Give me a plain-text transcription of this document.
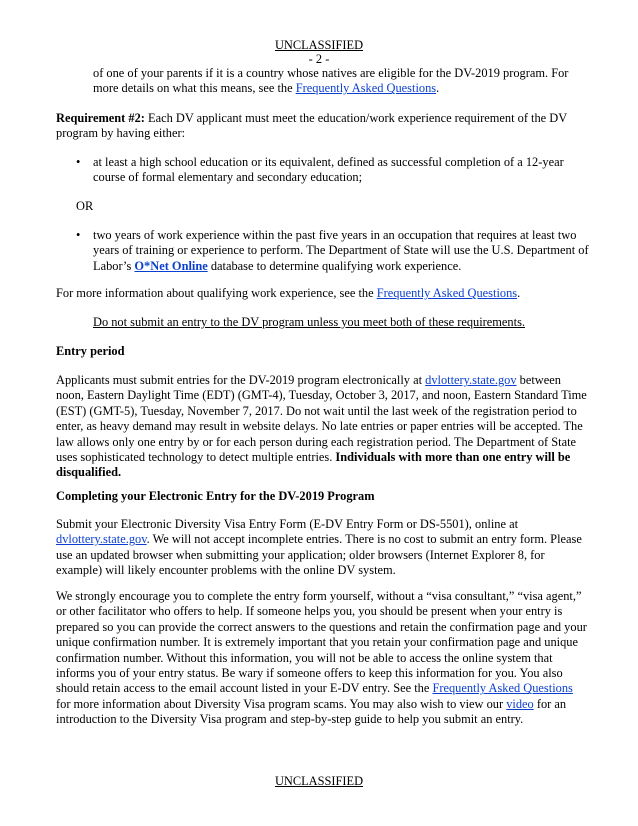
UNCLASSIFIED
- 2 -

of one of your parents if it is a country whose natives are eligible for the DV-2019 program. For more details on what this means, see the Frequently Asked Questions.

Requirement #2: Each DV applicant must meet the education/work experience requirement of the DV program by having either:

•	at least a high school education or its equivalent, defined as successful completion of a 12-year course of formal elementary and secondary education;

OR
•	two years of work experience within the past five years in an occupation that requires at least two years of training or experience to perform. The Department of State will use the U.S. Department of Labor’s O*Net Online database to determine qualifying work experience.

For more information about qualifying work experience, see the Frequently Asked Questions.

Do not submit an entry to the DV program unless you meet both of these requirements.
Entry period

Applicants must submit entries for the DV-2019 program electronically at dvlottery.state.gov between noon, Eastern Daylight Time (EDT) (GMT-4), Tuesday, October 3, 2017, and noon, Eastern Standard Time (EST) (GMT-5), Tuesday, November 7, 2017. Do not wait until the last week of the registration period to enter, as heavy demand may result in website delays. No late entries or paper entries will be accepted. The law allows only one entry by or for each person during each registration period. The Department of State uses sophisticated technology to detect multiple entries. Individuals with more than one entry will be disqualified.

Completing your Electronic Entry for the DV-2019 Program

Submit your Electronic Diversity Visa Entry Form (E-DV Entry Form or DS-5501), online at dvlottery.state.gov. We will not accept incomplete entries. There is no cost to submit an entry form. Please use an updated browser when submitting your application; older browsers (Internet Explorer 8, for example) will likely encounter problems with the online DV system.

We strongly encourage you to complete the entry form yourself, without a “visa consultant,” “visa agent,” or other facilitator who offers to help. If someone helps you, you should be present when your entry is prepared so you can provide the correct answers to the questions and retain the confirmation page and your unique confirmation number. It is extremely important that you retain your confirmation page and unique confirmation number. Without this information, you will not be able to access the online system that informs you of your entry status. Be wary if someone offers to keep this information for you. You also should retain access to the email account listed in your E-DV entry. See the Frequently Asked Questions for more information about Diversity Visa program scams. You may also wish to view our video for an introduction to the Diversity Visa program and step-by-step guide to help you submit an entry.

UNCLASSIFIED
